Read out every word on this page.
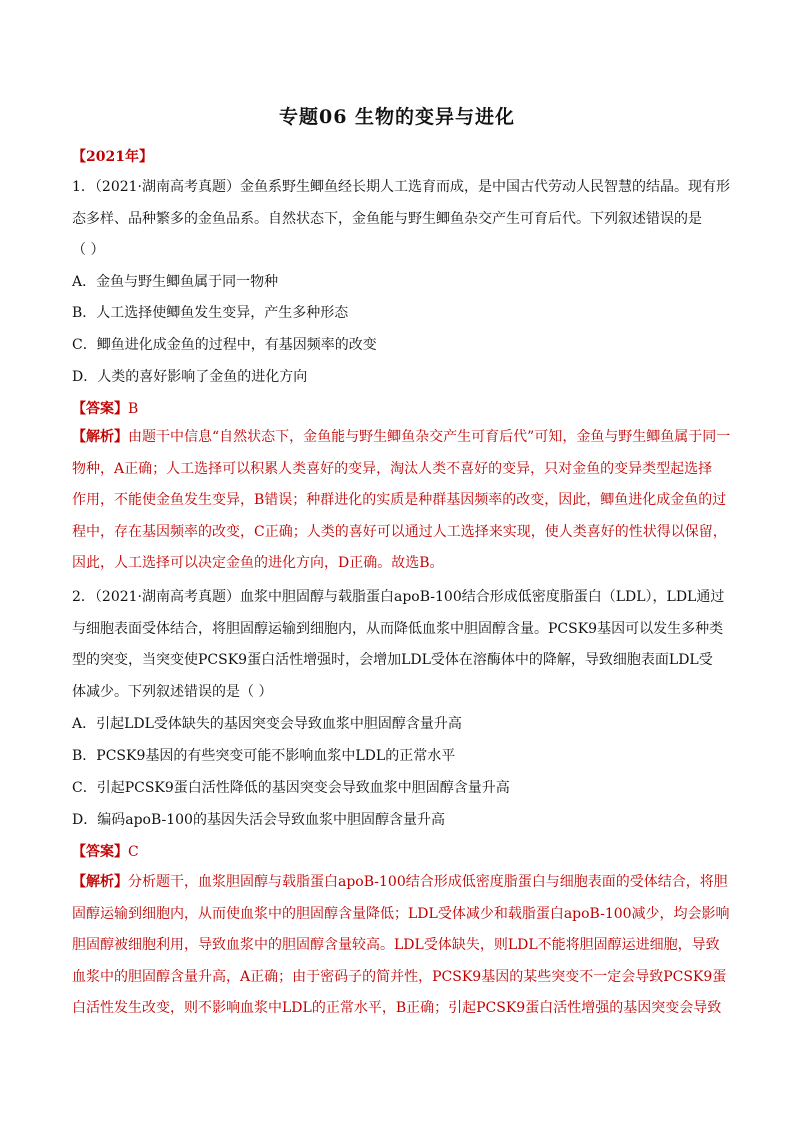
专题06 生物的变异与进化
【2021年】
1．（2021·湖南高考真题）金鱼系野生鲫鱼经长期人工选育而成，是中国古代劳动人民智慧的结晶。现有形
态多样、品种繁多的金鱼品系。自然状态下，金鱼能与野生鲫鱼杂交产生可育后代。下列叙述错误的是
（ ）

A．金鱼与野生鲫鱼属于同一物种

B．人工选择使鲫鱼发生变异，产生多种形态

C．鲫鱼进化成金鱼的过程中，有基因频率的改变

D．人类的喜好影响了金鱼的进化方向

【答案】B

【解析】由题干中信息“自然状态下，金鱼能与野生鲫鱼杂交产生可育后代”可知，金鱼与野生鲫鱼属于同一
物种，A正确；人工选择可以积累人类喜好的变异，淘汰人类不喜好的变异，只对金鱼的变异类型起选择
作用，不能使金鱼发生变异，B错误；种群进化的实质是种群基因频率的改变，因此，鲫鱼进化成金鱼的过
程中，存在基因频率的改变，C正确；人类的喜好可以通过人工选择来实现，使人类喜好的性状得以保留，
因此，人工选择可以决定金鱼的进化方向，D正确。故选B。
2．（2021·湖南高考真题）血浆中胆固醇与载脂蛋白apoB-100结合形成低密度脂蛋白（LDL），LDL通过
与细胞表面受体结合，将胆固醇运输到细胞内，从而降低血浆中胆固醇含量。PCSK9基因可以发生多种类
型的突变，当突变使PCSK9蛋白活性增强时，会增加LDL受体在溶酶体中的降解，导致细胞表面LDL受
体减少。下列叙述错误的是（ ）

A．引起LDL受体缺失的基因突变会导致血浆中胆固醇含量升高

B．PCSK9基因的有些突变可能不影响血浆中LDL的正常水平

C．引起PCSK9蛋白活性降低的基因突变会导致血浆中胆固醇含量升高

D．编码apoB-100的基因失活会导致血浆中胆固醇含量升高

【答案】C

【解析】分析题干，血浆胆固醇与载脂蛋白apoB-100结合形成低密度脂蛋白与细胞表面的受体结合，将胆
固醇运输到细胞内，从而使血浆中的胆固醇含量降低；LDL受体减少和载脂蛋白apoB-100减少，均会影响
胆固醇被细胞利用，导致血浆中的胆固醇含量较高。LDL受体缺失，则LDL不能将胆固醇运进细胞，导致
血浆中的胆固醇含量升高，A正确；由于密码子的简并性，PCSK9基因的某些突变不一定会导致PCSK9蛋
白活性发生改变，则不影响血浆中LDL的正常水平，B正确；引起PCSK9蛋白活性增强的基因突变会导致
